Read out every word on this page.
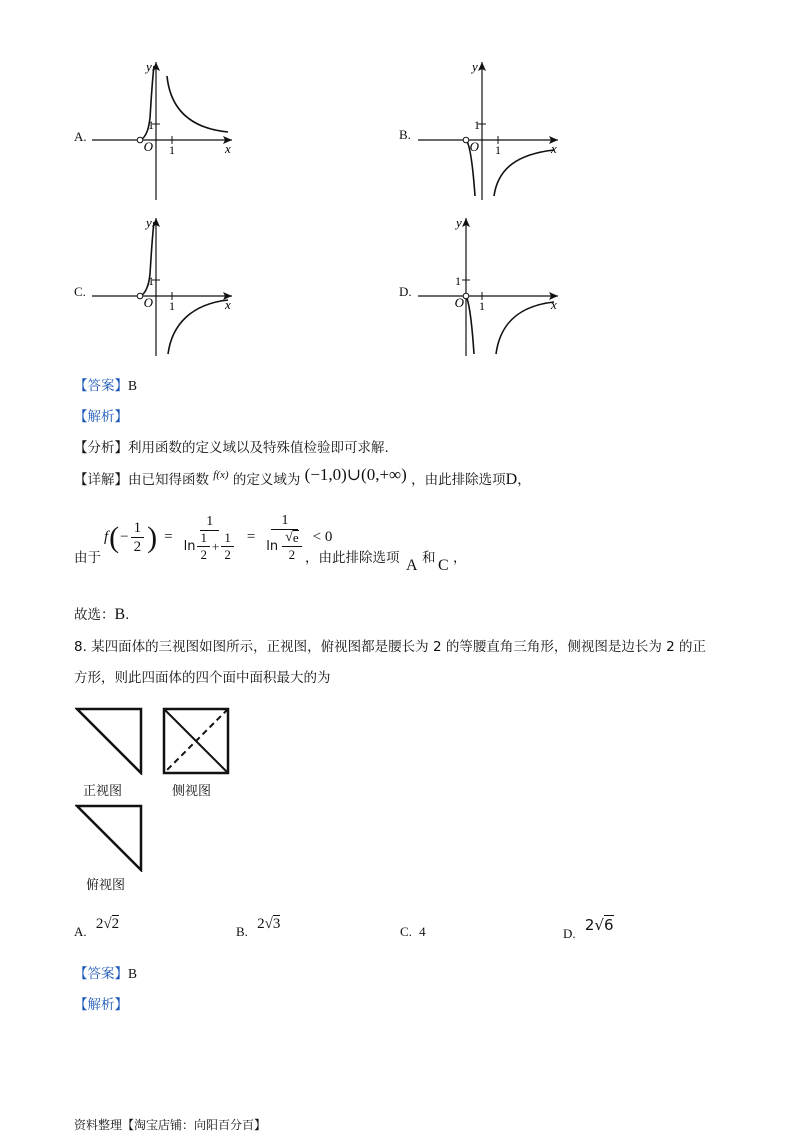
A.
O
1
1	x
y
B.
O
1
1	x
y
C.
O
1
1	x
y
D.
O
1
1	x
y
【答案】B
【解析】
【分析】利用函数的定义域以及特殊值检验即可求解.
【详解】由已知得函数 $^{f(x)}$ 的定义域为 (−1,0)∪(0,+∞) ，由此排除选项D，
由于
f ( − $\frac{1}{2}$ ) = $\frac{1}{\ln \frac{1}{2} + \frac{1}{2}} = \frac{1}{\ln \frac{√ e}{2}} < 0$
，由此排除选项 A 和 C ，
故选：B.
8. 某四面体的三视图如图所示，正视图，俯视图都是腰长为 2 的等腰直角三角形，侧视图是边长为 2 的正
方形，则此四面体的四个面中面积最大的为
正视图	侧视图
俯视图
A. 2√2	B. 2√3	C. 4	D. 2√6
【答案】B
【解析】
资料整理【淘宝店铺：向阳百分百】
